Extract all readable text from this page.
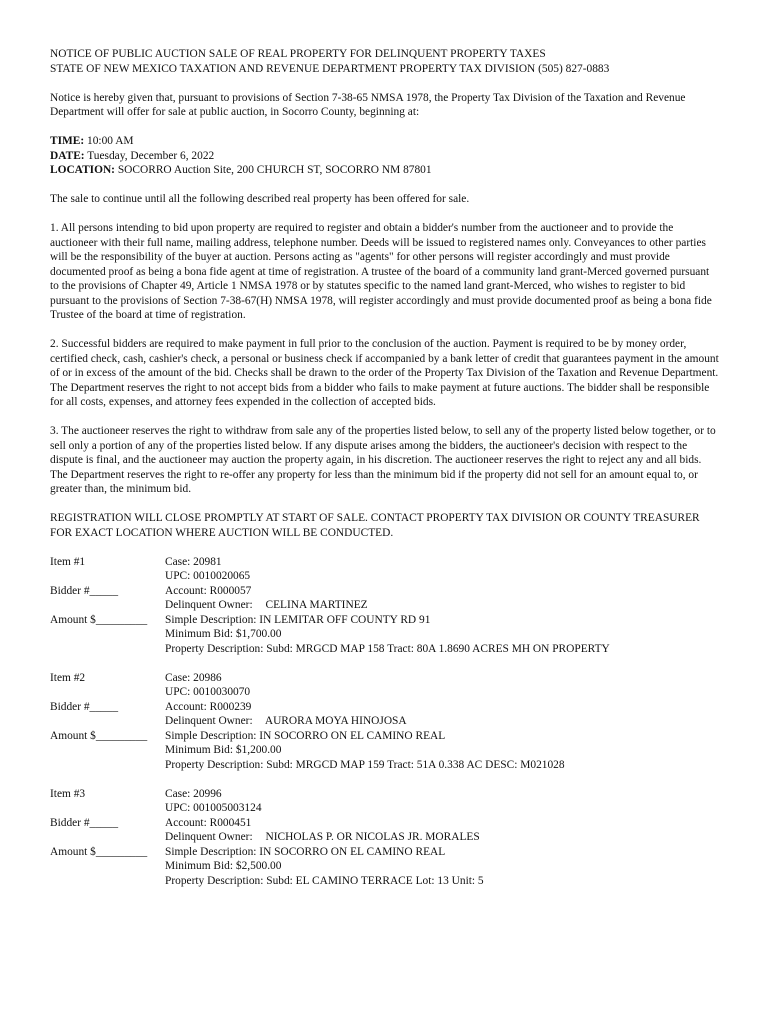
NOTICE OF PUBLIC AUCTION SALE OF REAL PROPERTY FOR DELINQUENT PROPERTY TAXES
STATE OF NEW MEXICO TAXATION AND REVENUE DEPARTMENT PROPERTY TAX DIVISION (505) 827-0883

Notice is hereby given that, pursuant to provisions of Section 7-38-65 NMSA 1978, the Property Tax Division of the Taxation and Revenue Department will offer for sale at public auction, in Socorro County, beginning at:

TIME: 10:00 AM
DATE: Tuesday, December 6, 2022
LOCATION: SOCORRO Auction Site, 200 CHURCH ST, SOCORRO NM 87801

The sale to continue until all the following described real property has been offered for sale.

1. All persons intending to bid upon property are required to register and obtain a bidder's number from the auctioneer and to provide the auctioneer with their full name, mailing address, telephone number. Deeds will be issued to registered names only. Conveyances to other parties will be the responsibility of the buyer at auction. Persons acting as "agents" for other persons will register accordingly and must provide documented proof as being a bona fide agent at time of registration. A trustee of the board of a community land grant-Merced governed pursuant to the provisions of Chapter 49, Article 1 NMSA 1978 or by statutes specific to the named land grant-Merced, who wishes to register to bid pursuant to the provisions of Section 7-38-67(H) NMSA 1978, will register accordingly and must provide documented proof as being a bona fide Trustee of the board at time of registration.

2. Successful bidders are required to make payment in full prior to the conclusion of the auction. Payment is required to be by money order, certified check, cash, cashier's check, a personal or business check if accompanied by a bank letter of credit that guarantees payment in the amount of or in excess of the amount of the bid. Checks shall be drawn to the order of the Property Tax Division of the Taxation and Revenue Department. The Department reserves the right to not accept bids from a bidder who fails to make payment at future auctions. The bidder shall be responsible for all costs, expenses, and attorney fees expended in the collection of accepted bids.

3. The auctioneer reserves the right to withdraw from sale any of the properties listed below, to sell any of the property listed below together, or to sell only a portion of any of the properties listed below. If any dispute arises among the bidders, the auctioneer's decision with respect to the dispute is final, and the auctioneer may auction the property again, in his discretion. The auctioneer reserves the right to reject any and all bids. The Department reserves the right to re-offer any property for less than the minimum bid if the property did not sell for an amount equal to, or greater than, the minimum bid.

REGISTRATION WILL CLOSE PROMPTLY AT START OF SALE. CONTACT PROPERTY TAX DIVISION OR COUNTY TREASURER FOR EXACT LOCATION WHERE AUCTION WILL BE CONDUCTED.

Item #1
Bidder #_____
Amount $_________
Case: 20981
UPC: 0010020065
Account: R000057
Delinquent Owner: CELINA MARTINEZ
Simple Description: IN LEMITAR OFF COUNTY RD 91
Minimum Bid: $1,700.00
Property Description: Subd: MRGCD MAP 158 Tract: 80A 1.8690 ACRES MH ON PROPERTY
Item #2
Bidder #_____
Amount $_________
Case: 20986
UPC: 0010030070
Account: R000239
Delinquent Owner: AURORA MOYA HINOJOSA
Simple Description: IN SOCORRO ON EL CAMINO REAL
Minimum Bid: $1,200.00
Property Description: Subd: MRGCD MAP 159 Tract: 51A 0.338 AC DESC: M021028
Item #3
Bidder #_____
Amount $_________
Case: 20996
UPC: 001005003124
Account: R000451
Delinquent Owner: NICHOLAS P. OR NICOLAS JR. MORALES
Simple Description: IN SOCORRO ON EL CAMINO REAL
Minimum Bid: $2,500.00
Property Description: Subd: EL CAMINO TERRACE Lot: 13 Unit: 5
